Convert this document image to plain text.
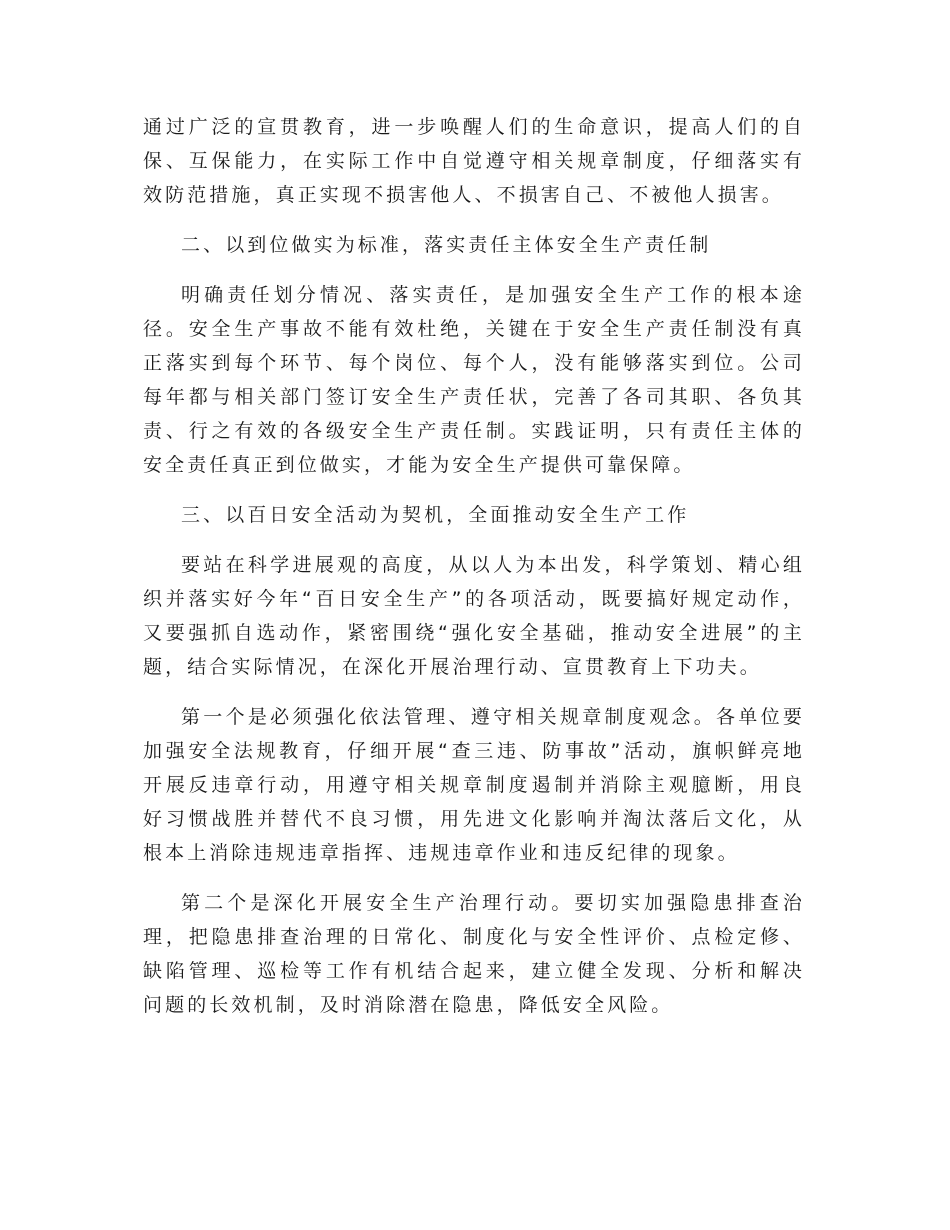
通过广泛的宣贯教育，进一步唤醒人们的生命意识，提高人们的自保、互保能力，在实际工作中自觉遵守相关规章制度，仔细落实有效防范措施，真正实现不损害他人、不损害自己、不被他人损害。

二、以到位做实为标准，落实责任主体安全生产责任制

明确责任划分情况、落实责任，是加强安全生产工作的根本途径。安全生产事故不能有效杜绝，关键在于安全生产责任制没有真正落实到每个环节、每个岗位、每个人，没有能够落实到位。公司每年都与相关部门签订安全生产责任状，完善了各司其职、各负其责、行之有效的各级安全生产责任制。实践证明，只有责任主体的安全责任真正到位做实，才能为安全生产提供可靠保障。

三、以百日安全活动为契机，全面推动安全生产工作

要站在科学进展观的高度，从以人为本出发，科学策划、精心组织并落实好今年“百日安全生产”的各项活动，既要搞好规定动作，又要强抓自选动作，紧密围绕“强化安全基础，推动安全进展”的主题，结合实际情况，在深化开展治理行动、宣贯教育上下功夫。

第一个是必须强化依法管理、遵守相关规章制度观念。各单位要加强安全法规教育，仔细开展“查三违、防事故”活动，旗帜鲜亮地开展反违章行动，用遵守相关规章制度遏制并消除主观臆断，用良好习惯战胜并替代不良习惯，用先进文化影响并淘汰落后文化，从根本上消除违规违章指挥、违规违章作业和违反纪律的现象。

第二个是深化开展安全生产治理行动。要切实加强隐患排查治理，把隐患排查治理的日常化、制度化与安全性评价、点检定修、缺陷管理、巡检等工作有机结合起来，建立健全发现、分析和解决问题的长效机制，及时消除潜在隐患，降低安全风险。
